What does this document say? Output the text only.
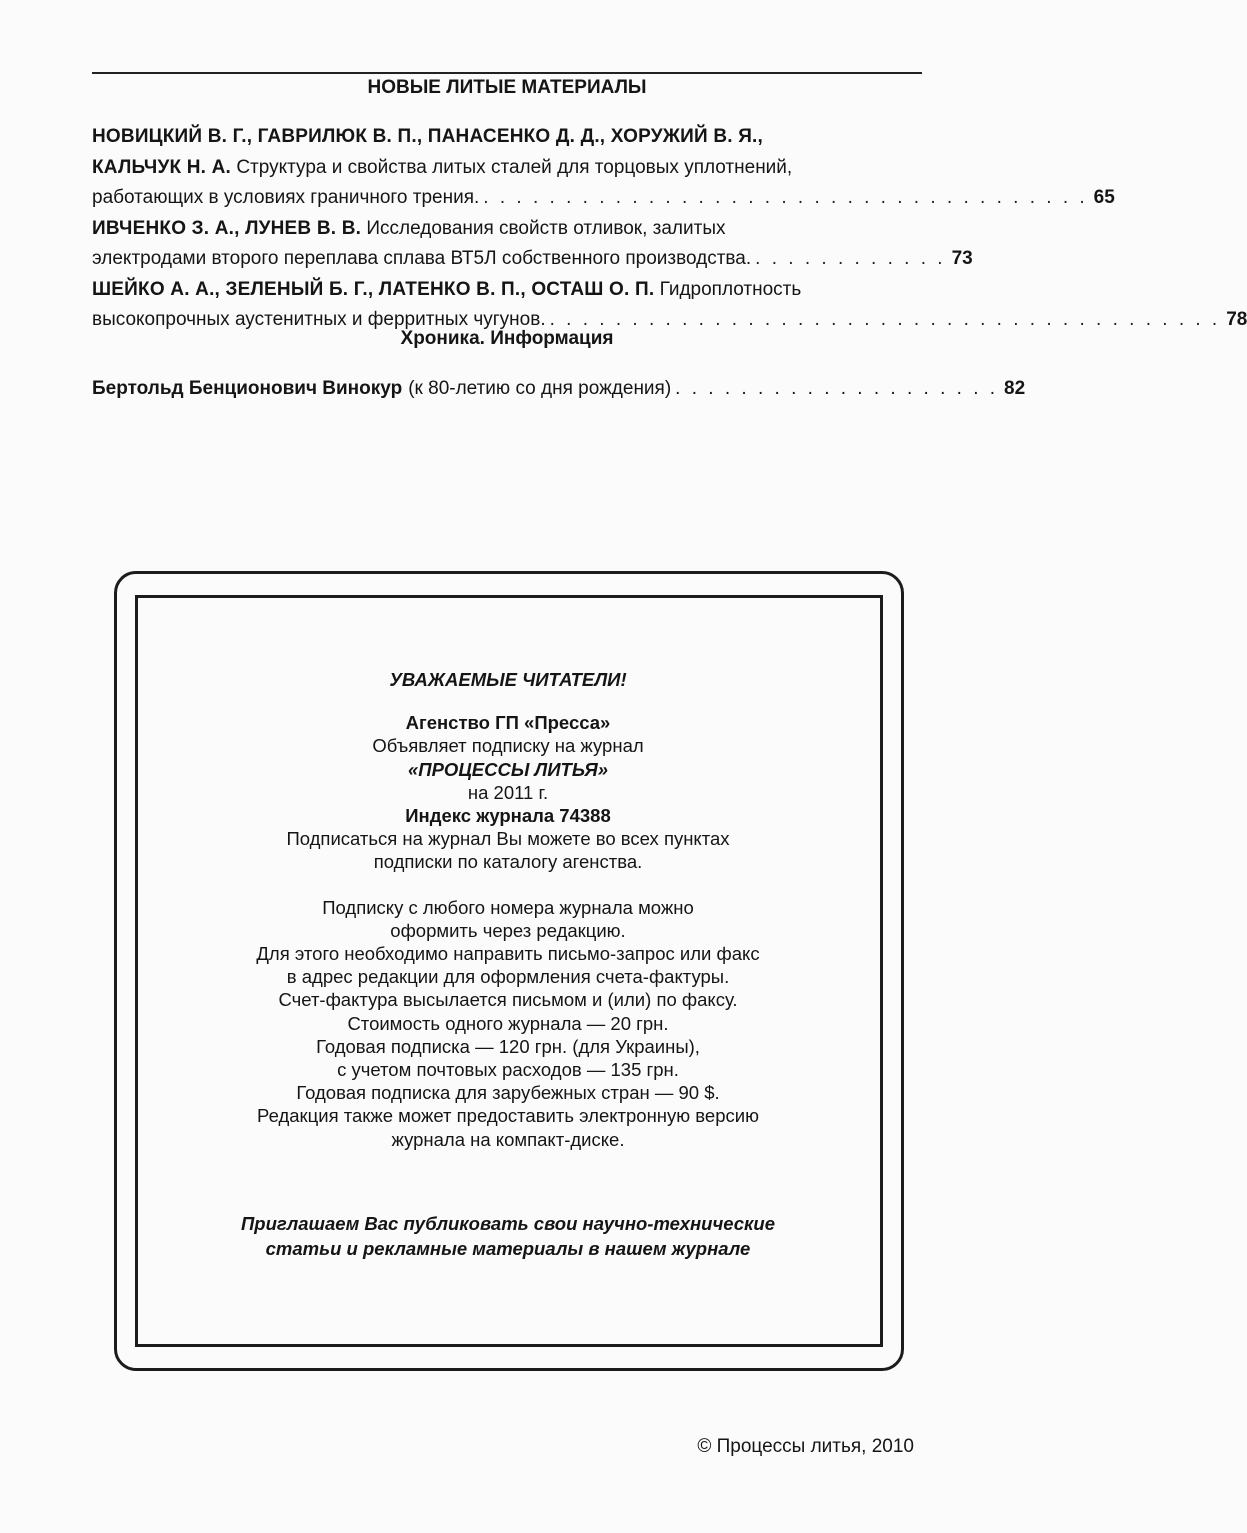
НОВЫЕ ЛИТЫЕ МАТЕРИАЛЫ
НОВИЦКИЙ В. Г., ГАВРИЛЮК В. П., ПАНАСЕНКО Д. Д., ХОРУЖИЙ В. Я.,
КАЛЬЧУК Н. А. Структура и свойства литых сталей для торцовых уплотнений,
работающих в условиях граничного трения. . . . . . . . . . . . . . . . . . . . . . . . . . . . . . . . . . . . . . 65
ИВЧЕНКО З. А., ЛУНЕВ В. В. Исследования свойств отливок, залитых
электродами второго переплава сплава ВТ5Л собственного производства. . . . . . . . . . . . . 73
ШЕЙКО А. А., ЗЕЛЕНЫЙ Б. Г., ЛАТЕНКО В. П., ОСТАШ О. П. Гидроплотность
высокопрочных аустенитных и ферритных чугунов. . . . . . . . . . . . . . . . . . . . . . . . . . . . . . . . . . . . . . . . . . 78
Хроника. Информация
Бертольд Бенционович Винокур (к 80-летию со дня рождения) . . . . . . . . . . . . . . . . . . . . 82
УВАЖАЕМЫЕ ЧИТАТЕЛИ!
Агенство ГП «Пресса»
Объявляет подписку на журнал
«ПРОЦЕССЫ ЛИТЬЯ»
на 2011 г.
Индекс журнала 74388
Подписаться на журнал Вы можете во всех пунктах
подписки по каталогу агенства.
Подписку с любого номера журнала можно
оформить через редакцию.
Для этого необходимо направить письмо-запрос или факс
в адрес редакции для оформления счета-фактуры.
Счет-фактура высылается письмом и (или) по факсу.
Стоимость одного журнала — 20 грн.
Годовая подписка — 120 грн. (для Украины),
с учетом почтовых расходов — 135 грн.
Годовая подписка для зарубежных стран — 90 $.
Редакция также может предоставить электронную версию
журнала на компакт-диске.
Приглашаем Вас публиковать свои научно-технические
статьи и рекламные материалы в нашем журнале
© Процессы литья, 2010
